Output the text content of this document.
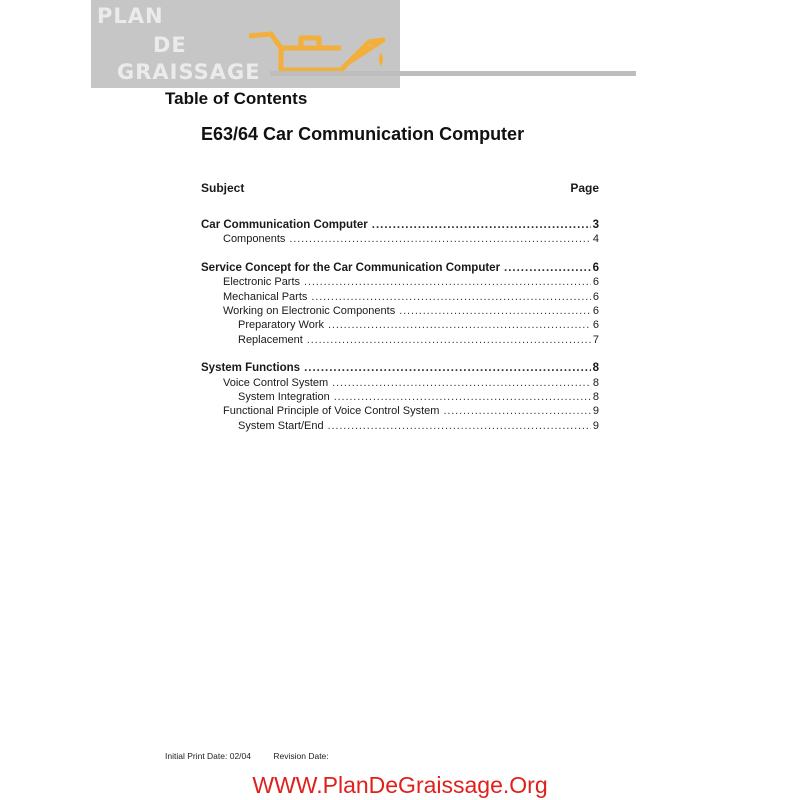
PLAN
DE
GRAISSAGE
Table of Contents
E63/64 Car Communication Computer
Subject	Page
Car Communication Computer . . .	3
Components . . .	4
Service Concept for the Car Communication Computer . . .	6
Electronic Parts . . .	6
Mechanical Parts . . .	6
Working on Electronic Components . . .	6
Preparatory Work . . .	6
Replacement . . .	7
System Functions . . .	8
Voice Control System . . .	8
System Integration . . .	8
Functional Principle of Voice Control System . . .	9
System Start/End . . .	9
Initial Print Date: 02/04	Revision Date:
WWW.PlanDeGraissage.Org
